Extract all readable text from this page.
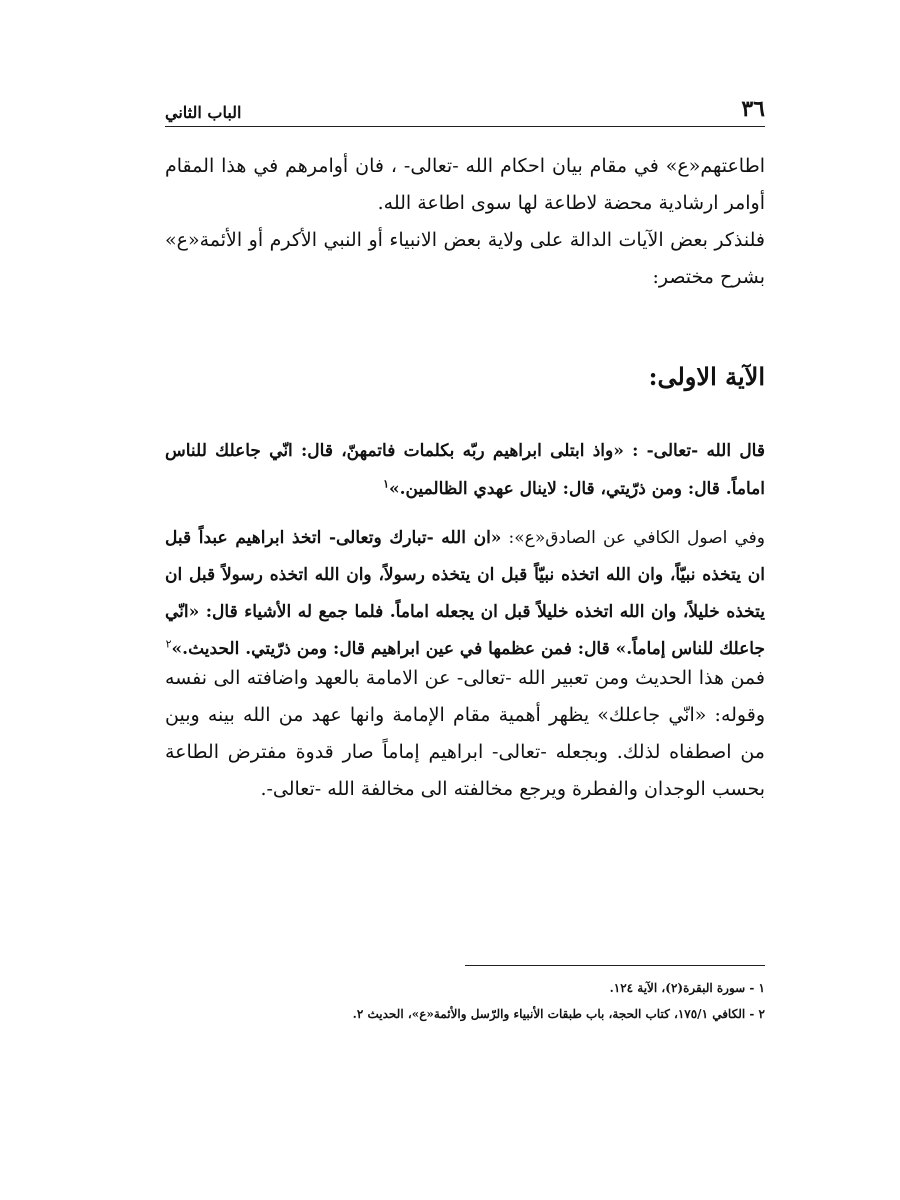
٣٦
الباب الثاني
اطاعتهم«ع» في مقام بيان احكام الله -تعالى- ، فان أوامرهم في هذا المقام أوامر ارشادية محضة لاطاعة لها سوى اطاعة الله.
فلنذكر بعض الآيات الدالة على ولاية بعض الانبياء أو النبي الأكرم أو الأئمة«ع» بشرح مختصر:
الآية الاولى:
قال الله -تعالى- : «واذ ابتلى ابراهيم ربّه بكلمات فاتمهنّ، قال: انّي جاعلك للناس اماماً. قال: ومن ذرّيتي، قال: لاينال عهدي الظالمين.»$^١$
وفي اصول الكافي عن الصادق«ع»: «ان الله -تبارك وتعالى- اتخذ ابراهيم عبداً قبل ان يتخذه نبيّاً، وان الله اتخذه نبيّاً قبل ان يتخذه رسولاً، وان الله اتخذه رسولاً قبل ان يتخذه خليلاً، وان الله اتخذه خليلاً قبل ان يجعله اماماً. فلما جمع له الأشياء قال: «انّي جاعلك للناس إماماً.» قال: فمن عظمها في عين ابراهيم قال: ومن ذرّيتي. الحديث.»$^٢$
فمن هذا الحديث ومن تعبير الله -تعالى- عن الامامة بالعهد واضافته الى نفسه وقوله: «انّي جاعلك» يظهر أهمية مقام الإمامة وانها عهد من الله بينه وبين من اصطفاه لذلك. وبجعله -تعالى- ابراهيم إماماً صار قدوة مفترض الطاعة بحسب الوجدان والفطرة ويرجع مخالفته الى مخالفة الله -تعالى-.
١ - سورة البقرة(٢)، الآية ١٢٤.
٢ - الكافي ١٧٥/١، كتاب الحجة، باب طبقات الأنبياء والرّسل والأئمة«ع»، الحديث ٢.
